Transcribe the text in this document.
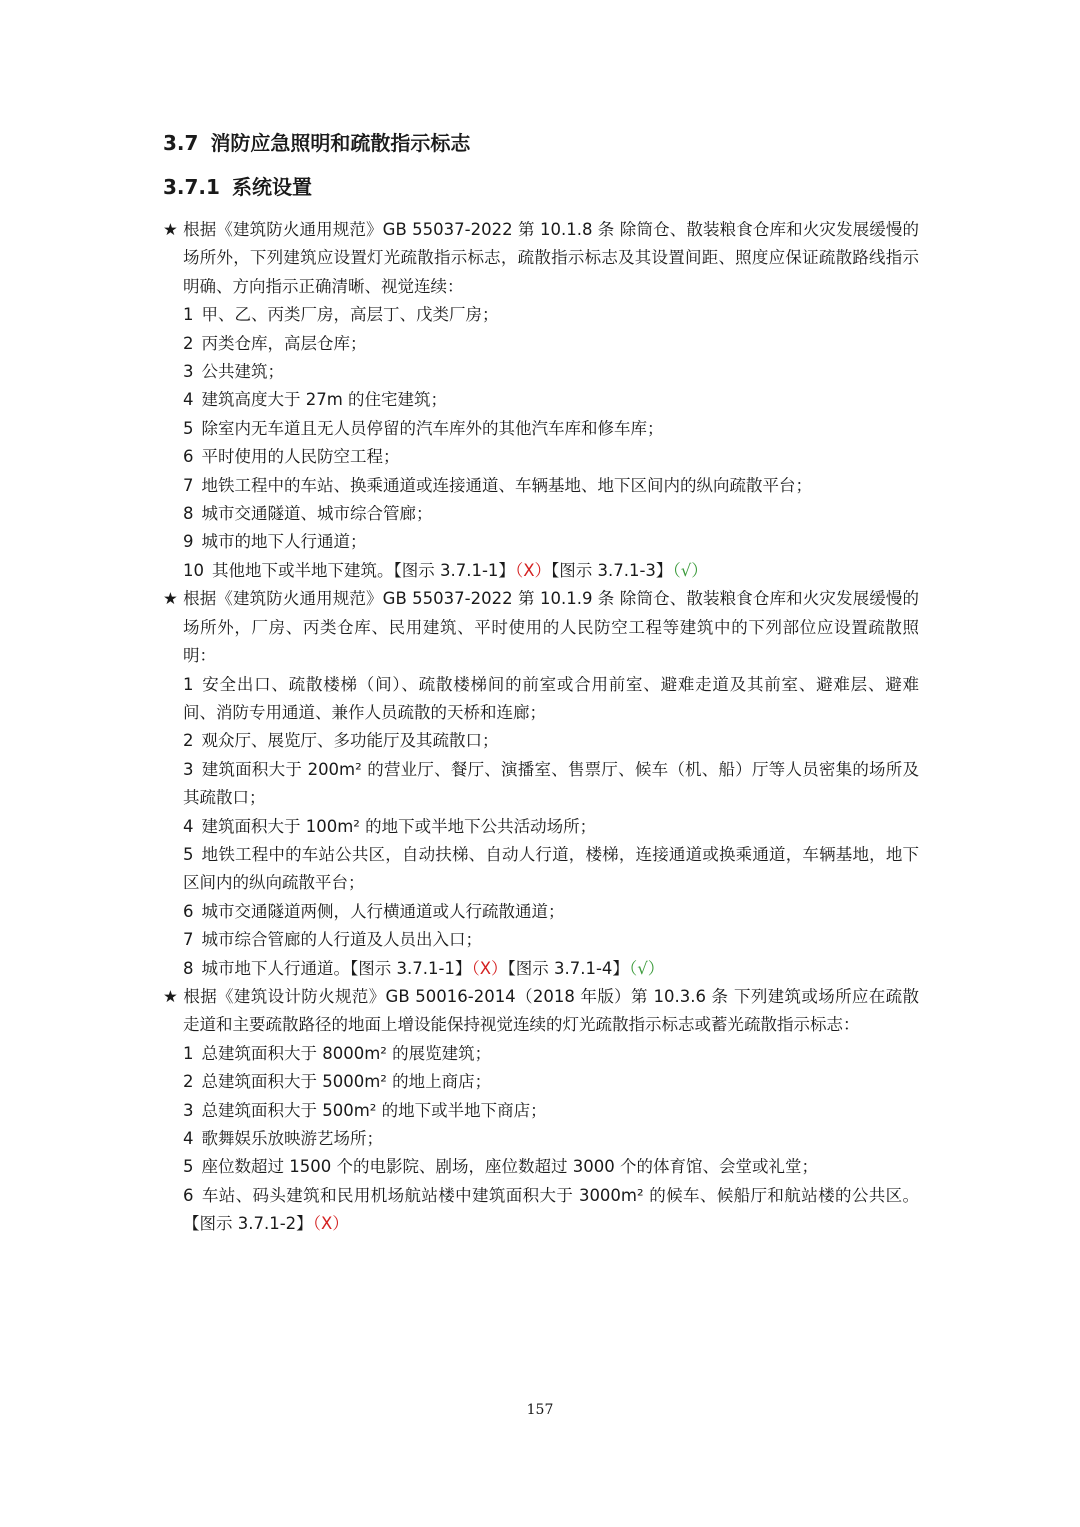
3.7 消防应急照明和疏散指示标志
3.7.1 系统设置

★ 根据《建筑防火通用规范》GB 55037-2022 第 10.1.8 条 除筒仓、散装粮食仓库和火灾发展缓慢的场所外，下列建筑应设置灯光疏散指示标志，疏散指示标志及其设置间距、照度应保证疏散路线指示明确、方向指示正确清晰、视觉连续：

1 甲、乙、丙类厂房，高层丁、戊类厂房；

2 丙类仓库，高层仓库；

3 公共建筑；

4 建筑高度大于 27m 的住宅建筑；

5 除室内无车道且无人员停留的汽车库外的其他汽车库和修车库；

6 平时使用的人民防空工程；

7 地铁工程中的车站、换乘通道或连接通道、车辆基地、地下区间内的纵向疏散平台；

8 城市交通隧道、城市综合管廊；

9 城市的地下人行通道；

10 其他地下或半地下建筑。【图示 3.7.1-1】（X）【图示 3.7.1-3】（√）

★ 根据《建筑防火通用规范》GB 55037-2022 第 10.1.9 条 除筒仓、散装粮食仓库和火灾发展缓慢的场所外，厂房、丙类仓库、民用建筑、平时使用的人民防空工程等建筑中的下列部位应设置疏散照明：

1 安全出口、疏散楼梯（间）、疏散楼梯间的前室或合用前室、避难走道及其前室、避难层、避难间、消防专用通道、兼作人员疏散的天桥和连廊；

2 观众厅、展览厅、多功能厅及其疏散口；

3 建筑面积大于 200m² 的营业厅、餐厅、演播室、售票厅、候车（机、船）厅等人员密集的场所及其疏散口；

4 建筑面积大于 100m² 的地下或半地下公共活动场所；

5 地铁工程中的车站公共区，自动扶梯、自动人行道，楼梯，连接通道或换乘通道，车辆基地，地下区间内的纵向疏散平台；

6 城市交通隧道两侧，人行横通道或人行疏散通道；

7 城市综合管廊的人行道及人员出入口；

8 城市地下人行通道。【图示 3.7.1-1】（X）【图示 3.7.1-4】（√）

★ 根据《建筑设计防火规范》GB 50016-2014（2018 年版）第 10.3.6 条 下列建筑或场所应在疏散走道和主要疏散路径的地面上增设能保持视觉连续的灯光疏散指示标志或蓄光疏散指示标志：

1 总建筑面积大于 8000m² 的展览建筑；

2 总建筑面积大于 5000m² 的地上商店；

3 总建筑面积大于 500m² 的地下或半地下商店；

4 歌舞娱乐放映游艺场所；

5 座位数超过 1500 个的电影院、剧场，座位数超过 3000 个的体育馆、会堂或礼堂；

6 车站、码头建筑和民用机场航站楼中建筑面积大于 3000m² 的候车、候船厅和航站楼的公共区。【图示 3.7.1-2】（X）

157
